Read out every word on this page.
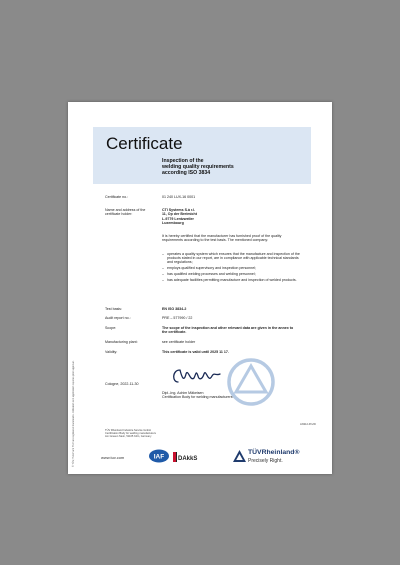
© TÜV, TUEV and TUV are registered trademarks. Utilisation and application requires prior approval.
Certificate
Inspection of the
welding quality requirements
according ISO 3834
Certificate no.:	01 240 LUX-16 0001
Name and address of the
certificate holder:
CTI Systems S.à r.l.
11, Op der Breimicht
L-9779 Lentzweiler
Luxembourg
It is hereby certified that the manufacturer has furnished proof of the quality requirements according to the test basis. The mentioned company:
– operates a quality system which ensures that the manufacture and inspection of the products stated in our report, are in compliance with applicable technical standards and regulations;
– employs qualified supervisory and inspection personnel;
– has qualified welding processes and welding personnel;
– has adequate facilities permitting manufacture and inspection of welded products.
Test basis:	EN ISO 3834-2
Audit report no.:	PRE – 577990 / 22
Scope:	The scope of the inspection and other relevant data are given in the annex to the certificate.
Manufacturing plant:	see certificate holder
Validity:	This certificate is valid until 2025 11 17.
Cologne, 2022-11-30
Dipl.-Ing. Achim Mäkeisen
Certification Body for welding manufacturers
TÜV Rheinland Industrie Service GmbH
Certification Body for welding manufacturers
Am Grauen Stein, 51105 Köln, Germany
AN312-PrivID
www.tuv.com	IAF DAkkS
TÜVRheinland®
Precisely Right.
